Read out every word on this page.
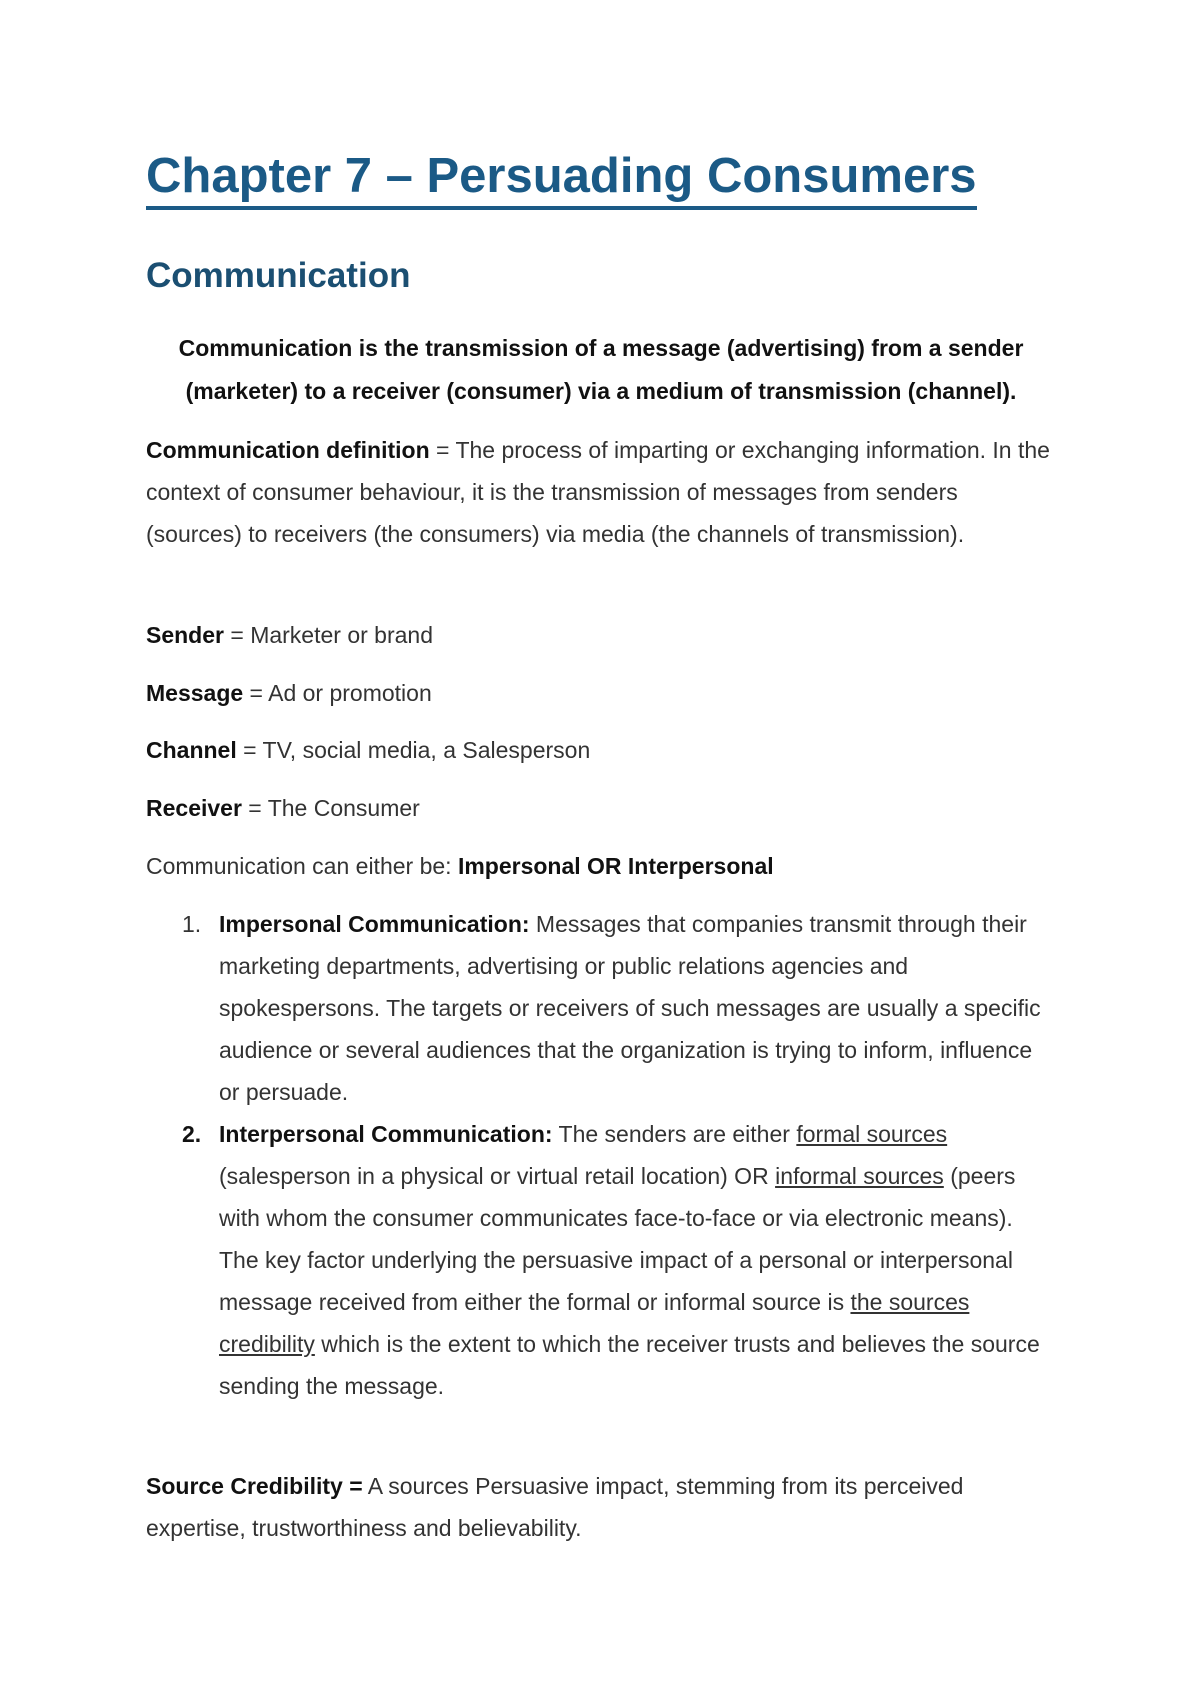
Chapter 7 – Persuading Consumers
Communication

Communication is the transmission of a message (advertising) from a sender (marketer) to a receiver (consumer) via a medium of transmission (channel).

Communication definition = The process of imparting or exchanging information. In the context of consumer behaviour, it is the transmission of messages from senders (sources) to receivers (the consumers) via media (the channels of transmission).

Sender = Marketer or brand

Message = Ad or promotion

Channel = TV, social media, a Salesperson

Receiver = The Consumer

Communication can either be: Impersonal OR Interpersonal

1. Impersonal Communication: Messages that companies transmit through their marketing departments, advertising or public relations agencies and spokespersons. The targets or receivers of such messages are usually a specific audience or several audiences that the organization is trying to inform, influence or persuade.
2. Interpersonal Communication: The senders are either formal sources (salesperson in a physical or virtual retail location) OR informal sources (peers with whom the consumer communicates face-to-face or via electronic means). The key factor underlying the persuasive impact of a personal or interpersonal message received from either the formal or informal source is the sources credibility which is the extent to which the receiver trusts and believes the source sending the message.

Source Credibility = A sources Persuasive impact, stemming from its perceived expertise, trustworthiness and believability.
